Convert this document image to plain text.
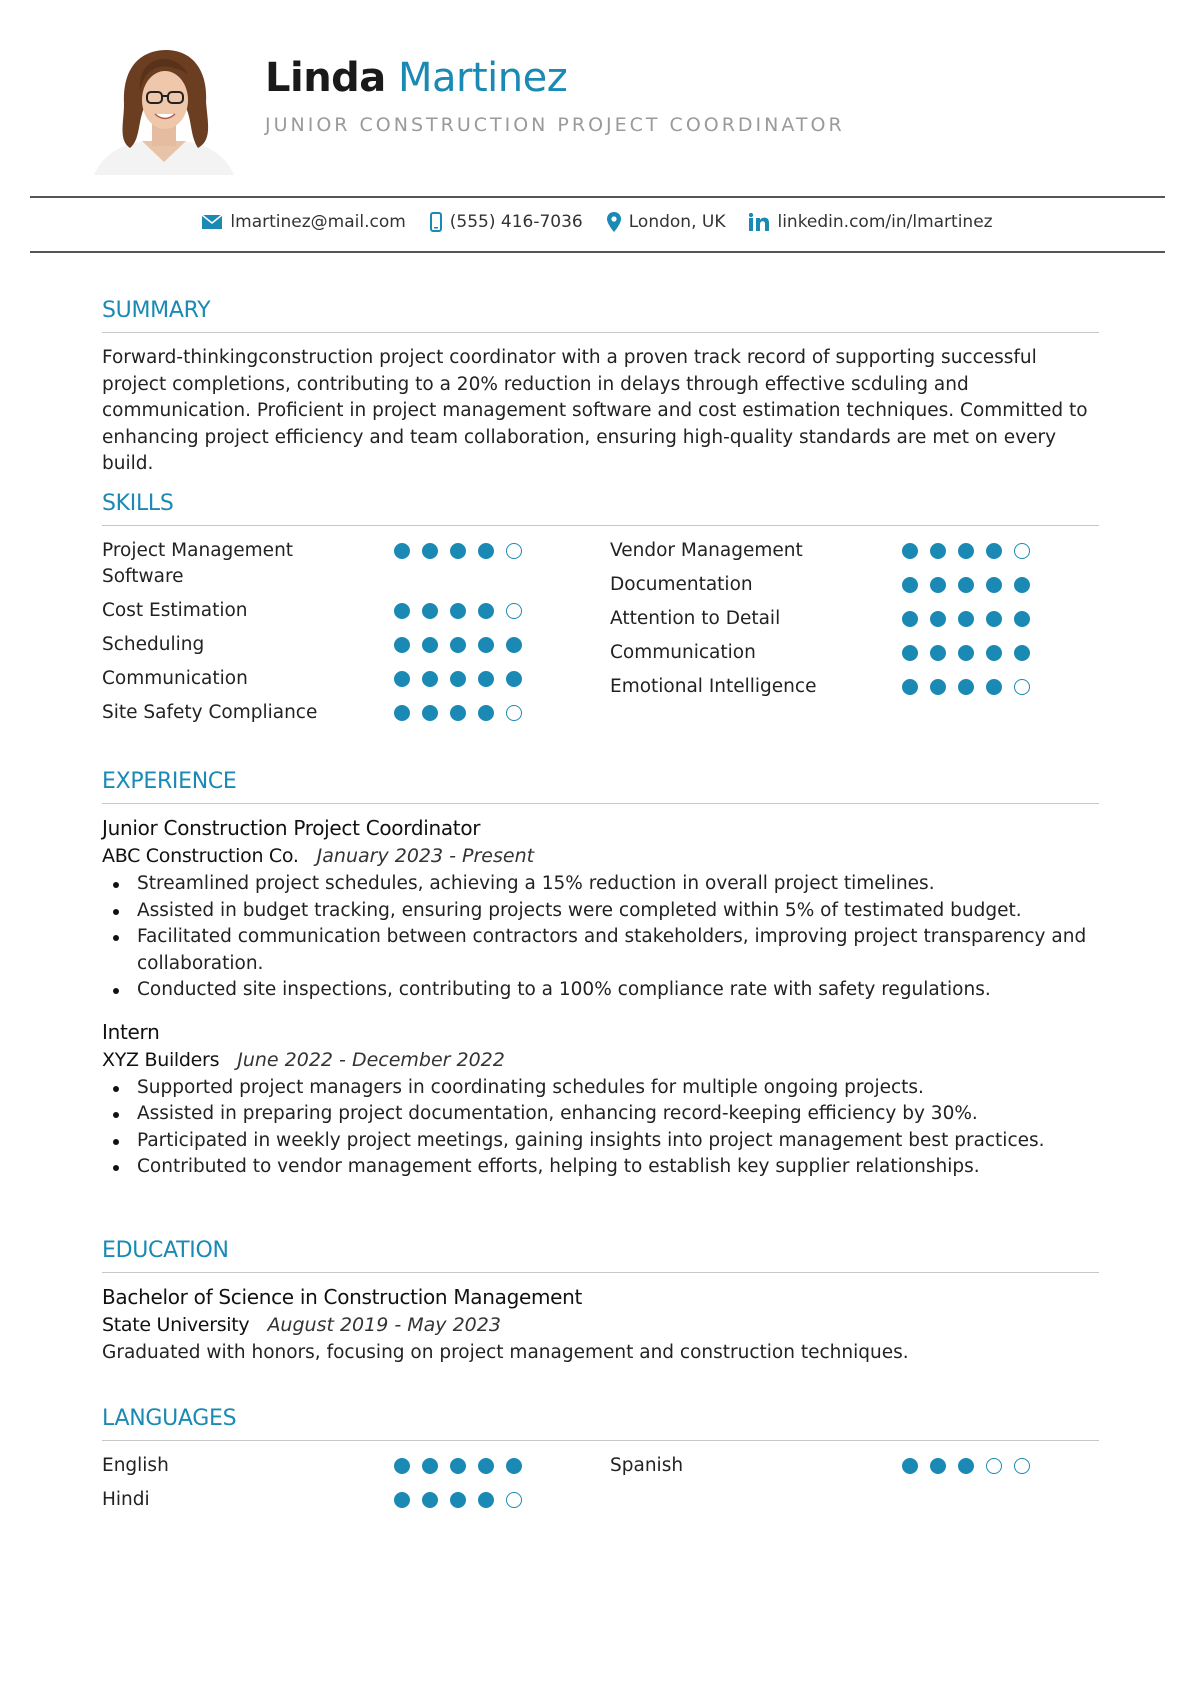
Linda Martinez
JUNIOR CONSTRUCTION PROJECT COORDINATOR
lmartinez@mail.com	(555) 416-7036	London, UK	linkedin.com/in/lmartinez
SUMMARY

Forward-thinkingconstruction project coordinator with a proven track record of supporting successful project completions, contributing to a 20% reduction in delays through effective scduling and communication. Proficient in project management software and cost estimation techniques. Committed to enhancing project efficiency and team collaboration, ensuring high-quality standards are met on every build.

SKILLS
Project Management Software
Cost Estimation
Scheduling
Communication
Site Safety Compliance
Vendor Management
Documentation
Attention to Detail
Communication
Emotional Intelligence
EXPERIENCE
Junior Construction Project Coordinator
ABC Construction Co. January 2023 - Present
Streamlined project schedules, achieving a 15% reduction in overall project timelines.
Assisted in budget tracking, ensuring projects were completed within 5% of testimated budget.
Facilitated communication between contractors and stakeholders, improving project transparency and collaboration.
Conducted site inspections, contributing to a 100% compliance rate with safety regulations.
Intern
XYZ Builders June 2022 - December 2022
Supported project managers in coordinating schedules for multiple ongoing projects.
Assisted in preparing project documentation, enhancing record-keeping efficiency by 30%.
Participated in weekly project meetings, gaining insights into project management best practices.
Contributed to vendor management efforts, helping to establish key supplier relationships.
EDUCATION
Bachelor of Science in Construction Management
State University August 2019 - May 2023
Graduated with honors, focusing on project management and construction techniques.
LANGUAGES
English
Hindi
Spanish
